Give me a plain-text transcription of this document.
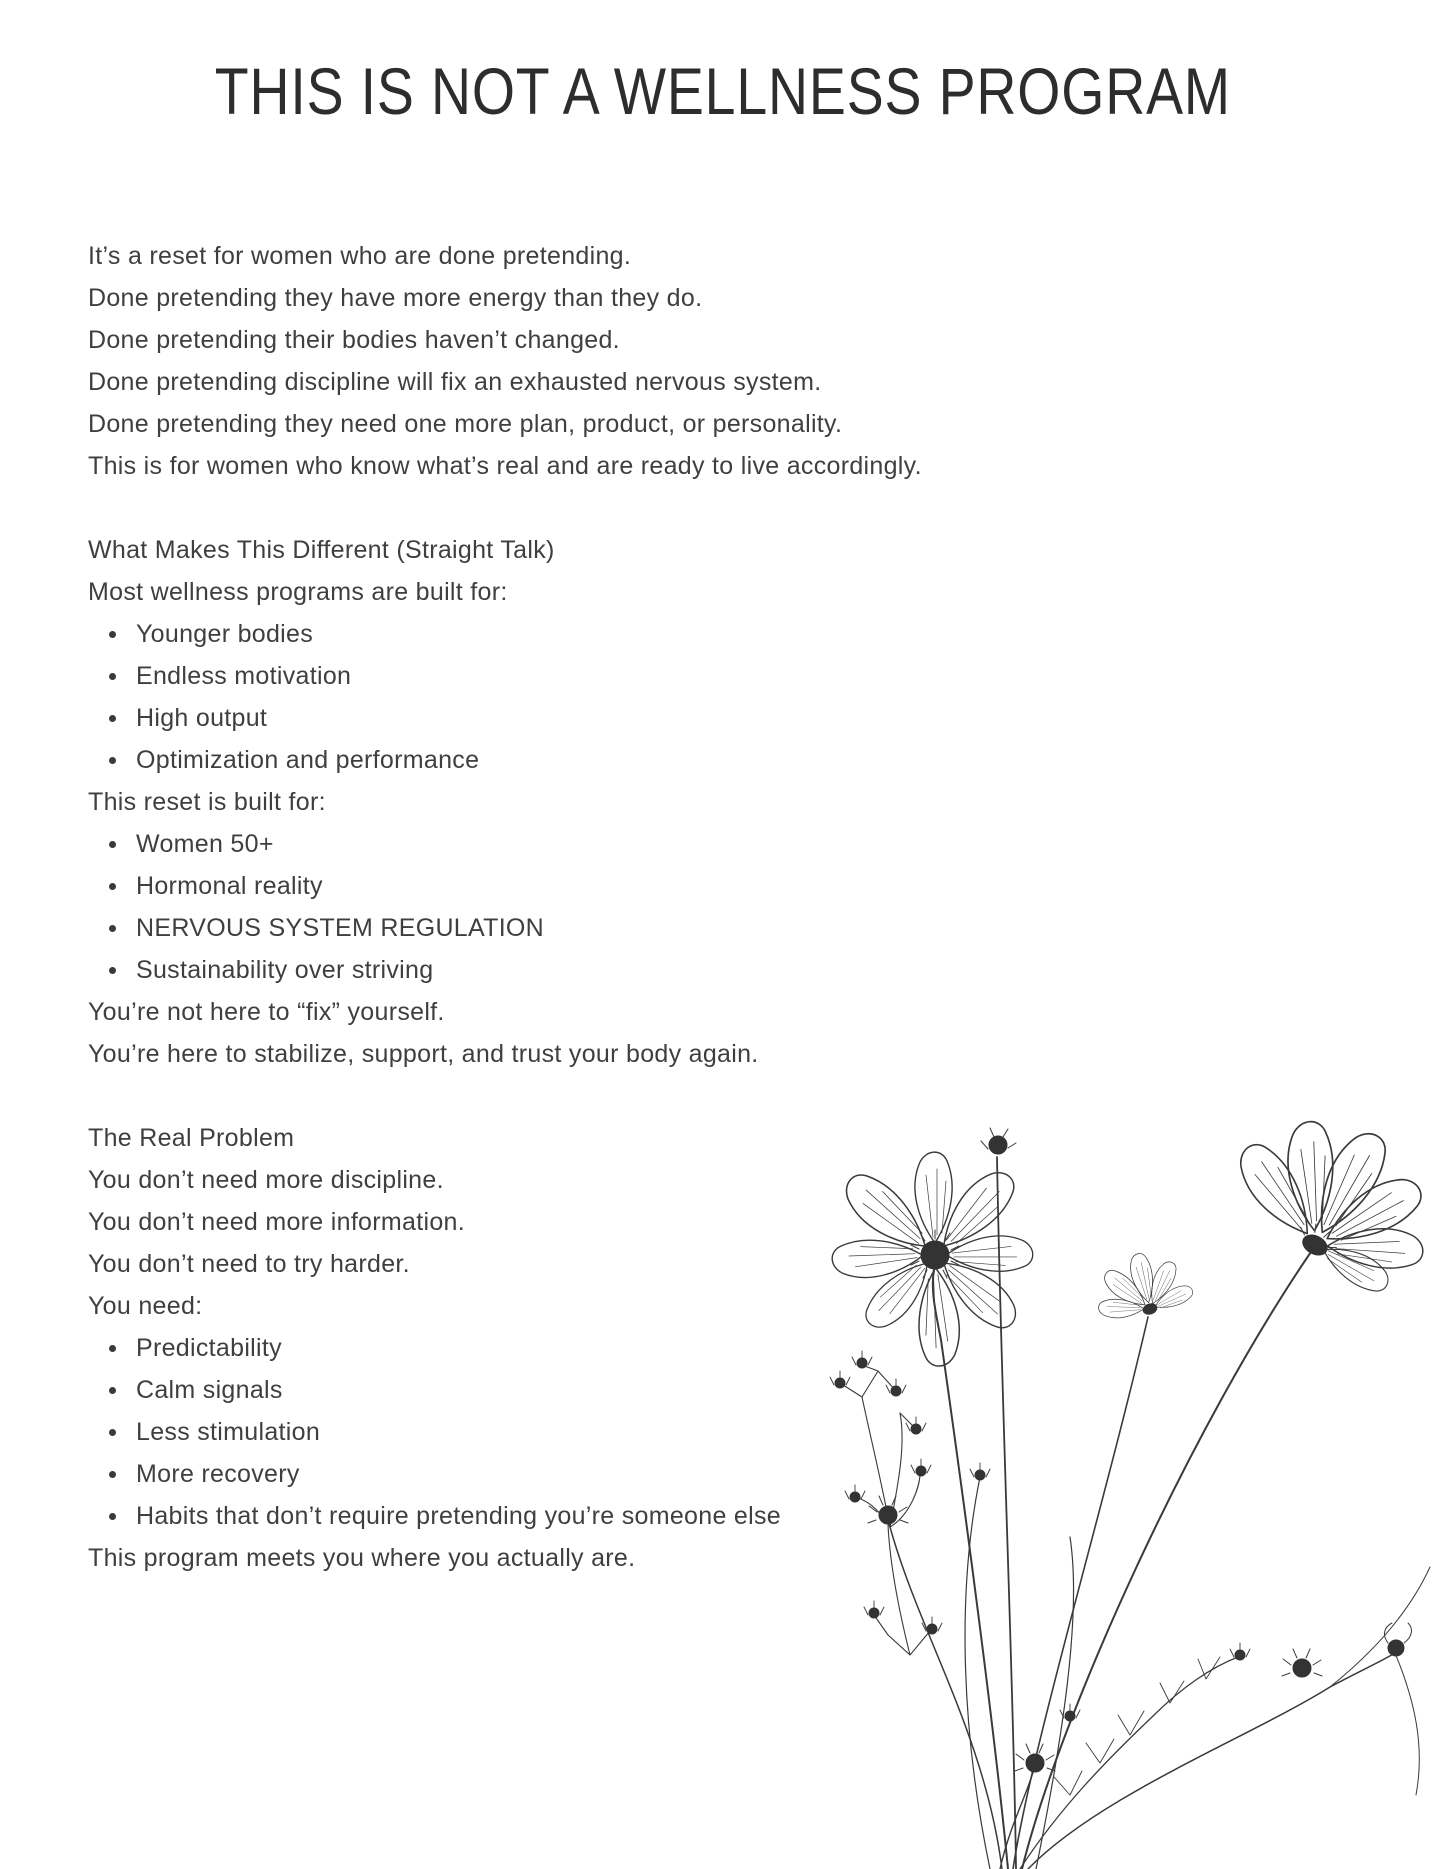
THIS IS NOT A WELLNESS PROGRAM
It’s a reset for women who are done pretending.
Done pretending they have more energy than they do.
Done pretending their bodies haven’t changed.
Done pretending discipline will fix an exhausted nervous system.
Done pretending they need one more plan, product, or personality.
This is for women who know what’s real and are ready to live accordingly.
What Makes This Different (Straight Talk)
Most wellness programs are built for:
Younger bodies
Endless motivation
High output
Optimization and performance
This reset is built for:
Women 50+
Hormonal reality
NERVOUS SYSTEM REGULATION
Sustainability over striving
You’re not here to “fix” yourself.
You’re here to stabilize, support, and trust your body again.
The Real Problem
You don’t need more discipline.
You don’t need more information.
You don’t need to try harder.
You need:
Predictability
Calm signals
Less stimulation
More recovery
Habits that don’t require pretending you’re someone else
This program meets you where you actually are.
